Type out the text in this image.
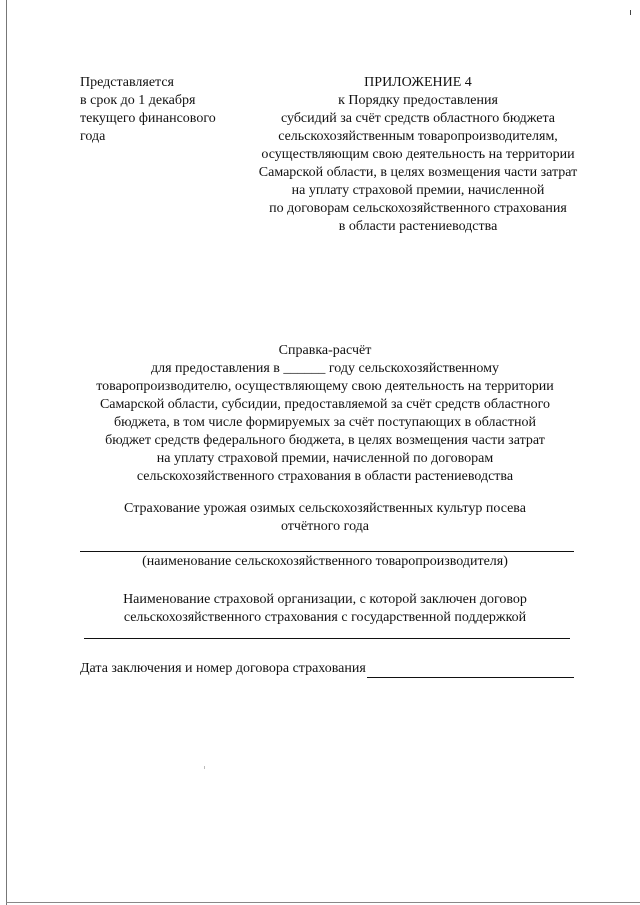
Представляется
в срок до 1 декабря
текущего финансового
года
ПРИЛОЖЕНИЕ 4
к Порядку предоставления
субсидий за счёт средств областного бюджета
сельскохозяйственным товаропроизводителям,
осуществляющим свою деятельность на территории
Самарской области, в целях возмещения части затрат
на уплату страховой премии, начисленной
по договорам сельскохозяйственного страхования
в области растениеводства
Справка-расчёт
для предоставления в ______ году сельскохозяйственному
товаропроизводителю, осуществляющему свою деятельность на территории
Самарской области, субсидии, предоставляемой за счёт средств областного
бюджета, в том числе формируемых за счёт поступающих в областной
бюджет средств федерального бюджета, в целях возмещения части затрат
на уплату страховой премии, начисленной по договорам
сельскохозяйственного страхования в области растениеводства
Страхование урожая озимых сельскохозяйственных культур посева
отчётного года
(наименование сельскохозяйственного товаропроизводителя)
Наименование страховой организации, с которой заключен договор
сельскохозяйственного страхования с государственной поддержкой
Дата заключения и номер договора страхования
